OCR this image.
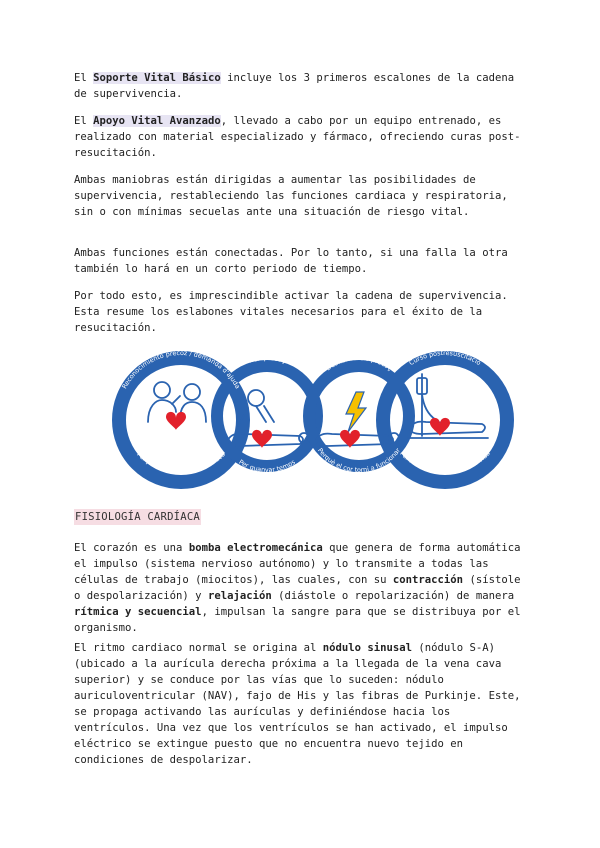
El Soporte Vital Básico incluye los 3 primeros escalones de la cadena de supervivencia.

El Apoyo Vital Avanzado, llevado a cabo por un equipo entrenado, es realizado con material especializado y fármaco, ofreciendo curas post-resucitación.

Ambas maniobras están dirigidas a aumentar las posibilidades de supervivencia, restableciendo las funciones cardiaca y respiratoria, sin o con mínimas secuelas ante una situación de riesgo vital.

Ambas funciones están conectadas. Por lo tanto, si una falla la otra también lo hará en un corto periodo de tiempo.

Por todo esto, es imprescindible activar la cadena de supervivencia. Esta resume los eslabones vitales necesarios para el éxito de la resucitación.

Reconocimiento precoz / demanda d'ajuda
Per prevenir l'aturada cardiaca
RCP precoç
Per guanyar temps
Desfibril·lació precoç
Perquè el cor torni a funcionar
Curso postresuscitació
Per restaurar la qualitat de vida
FISIOLOGÍA CARDÍACA

El corazón es una bomba electromecánica que genera de forma automática el impulso (sistema nervioso autónomo) y lo transmite a todas las células de trabajo (miocitos), las cuales, con su contracción (sístole o despolarización) y relajación (diástole o repolarización) de manera rítmica y secuencial, impulsan la sangre para que se distribuya por el organismo.

El ritmo cardiaco normal se origina al nódulo sinusal (nódulo S-A) (ubicado a la aurícula derecha próxima a la llegada de la vena cava superior) y se conduce por las vías que lo suceden: nódulo auriculoventricular (NAV), fajo de His y las fibras de Purkinje. Este, se propaga activando las aurículas y definiéndose hacia los ventrículos. Una vez que los ventrículos se han activado, el impulso eléctrico se extingue puesto que no encuentra nuevo tejido en condiciones de despolarizar.
